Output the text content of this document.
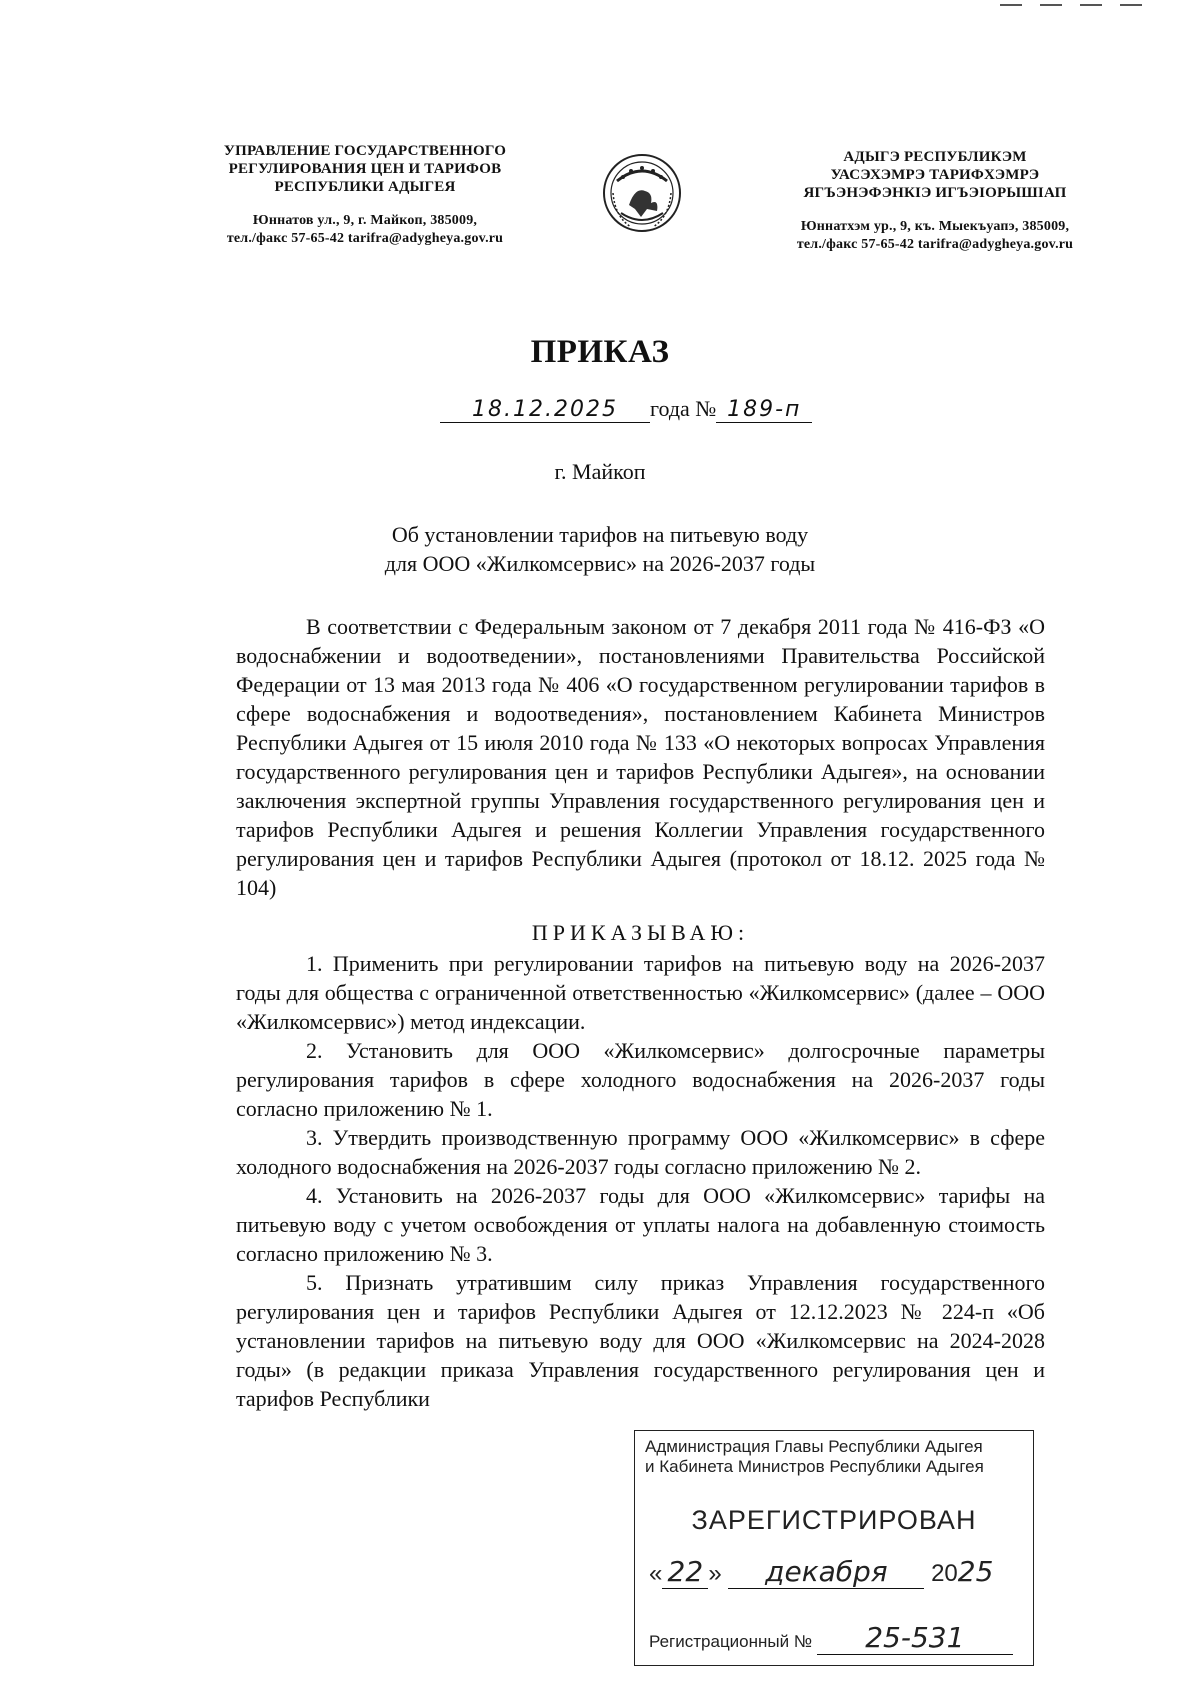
УПРАВЛЕНИЕ ГОСУДАРСТВЕННОГО
РЕГУЛИРОВАНИЯ ЦЕН И ТАРИФОВ
РЕСПУБЛИКИ АДЫГЕЯ
Юннатов ул., 9, г. Майкоп, 385009,
тел./факс 57-65-42 tarifra@adygheya.gov.ru
АДЫГЭ РЕСПУБЛИКЭМ
УАСЭХЭМРЭ ТАРИФХЭМРЭ
ЯГЪЭНЭФЭНКIЭ ИГЪЭIОРЫШIАП
Юннатхэм ур., 9, къ. Мыекъуапэ, 385009,
тел./факс 57-65-42 tarifra@adygheya.gov.ru
ПРИКАЗ
18.12.2025 года № 189-п
г. Майкоп
Об установлении тарифов на питьевую воду
для ООО «Жилкомсервис» на 2026-2037 годы

В соответствии с Федеральным законом от 7 декабря 2011 года № 416-ФЗ «О водоснабжении и водоотведении», постановлениями Правительства Российской Федерации от 13 мая 2013 года № 406 «О государственном регулировании тарифов в сфере водоснабжения и водоотведения», постановлением Кабинета Министров Республики Адыгея от 15 июля 2010 года № 133 «О некоторых вопросах Управления государственного регулирования цен и тарифов Республики Адыгея», на основании заключения экспертной группы Управления государственного регулирования цен и тарифов Республики Адыгея и решения Коллегии Управления государственного регулирования цен и тарифов Республики Адыгея (протокол от 18.12. 2025 года № 104)

ПРИКАЗЫВАЮ:

1. Применить при регулировании тарифов на питьевую воду на 2026-2037 годы для общества с ограниченной ответственностью «Жилкомсервис» (далее – ООО «Жилкомсервис») метод индексации.

2. Установить для ООО «Жилкомсервис» долгосрочные параметры регулирования тарифов в сфере холодного водоснабжения на 2026-2037 годы согласно приложению № 1.

3. Утвердить производственную программу ООО «Жилкомсервис» в сфере холодного водоснабжения на 2026-2037 годы согласно приложению № 2.

4. Установить на 2026-2037 годы для ООО «Жилкомсервис» тарифы на питьевую воду с учетом освобождения от уплаты налога на добавленную стоимость согласно приложению № 3.

5. Признать утратившим силу приказ Управления государственного регулирования цен и тарифов Республики Адыгея от 12.12.2023 № 224-п «Об установлении тарифов на питьевую воду для ООО «Жилкомсервис на 2024-2028 годы» (в редакции приказа Управления государственного регулирования цен и тарифов Республики

Администрация Главы Республики Адыгея
и Кабинета Министров Республики Адыгея
ЗАРЕГИСТРИРОВАН
« 22 » декабря 2025
Регистрационный № 25-531
